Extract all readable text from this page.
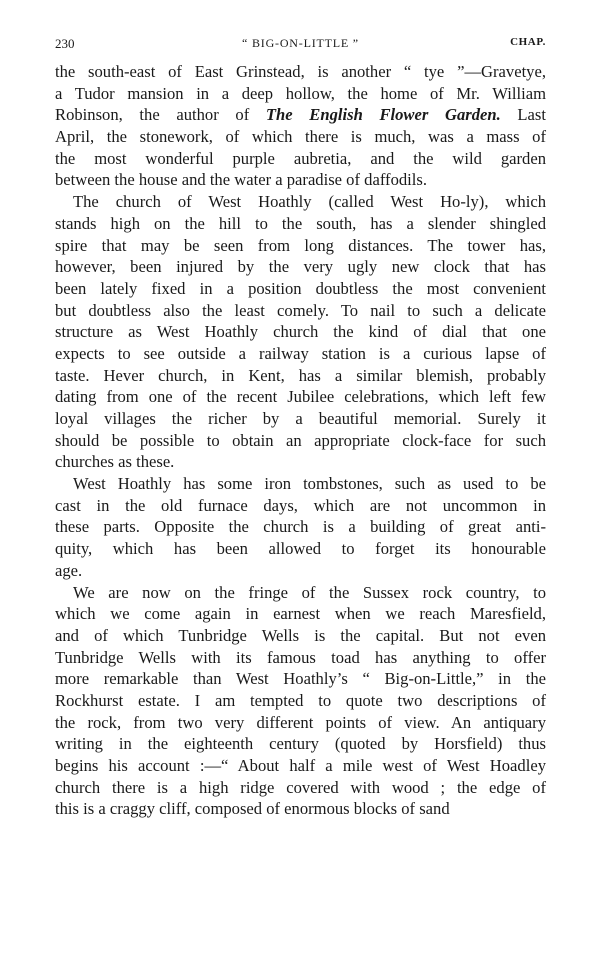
230	“ BIG-ON-LITTLE ”	CHAP.
the south-east of East Grinstead, is another “ tye ”—Gravetye,
a Tudor mansion in a deep hollow, the home of Mr. William
Robinson, the author of The English Flower Garden. Last
April, the stonework, of which there is much, was a mass of
the most wonderful purple aubretia, and the wild garden
between the house and the water a paradise of daffodils.
The church of West Hoathly (called West Ho-ly), which
stands high on the hill to the south, has a slender shingled
spire that may be seen from long distances. The tower has,
however, been injured by the very ugly new clock that has
been lately fixed in a position doubtless the most convenient
but doubtless also the least comely. To nail to such a delicate
structure as West Hoathly church the kind of dial that one
expects to see outside a railway station is a curious lapse of
taste. Hever church, in Kent, has a similar blemish, probably
dating from one of the recent Jubilee celebrations, which left few
loyal villages the richer by a beautiful memorial. Surely it
should be possible to obtain an appropriate clock-face for such
churches as these.
West Hoathly has some iron tombstones, such as used to be
cast in the old furnace days, which are not uncommon in
these parts. Opposite the church is a building of great anti-
quity, which has been allowed to forget its honourable
age.
We are now on the fringe of the Sussex rock country, to
which we come again in earnest when we reach Maresfield,
and of which Tunbridge Wells is the capital. But not even
Tunbridge Wells with its famous toad has anything to offer
more remarkable than West Hoathly’s “ Big-on-Little,” in the
Rockhurst estate. I am tempted to quote two descriptions of
the rock, from two very different points of view. An antiquary
writing in the eighteenth century (quoted by Horsfield) thus
begins his account :—“ About half a mile west of West Hoadley
church there is a high ridge covered with wood ; the edge of
this is a craggy cliff, composed of enormous blocks of sand
